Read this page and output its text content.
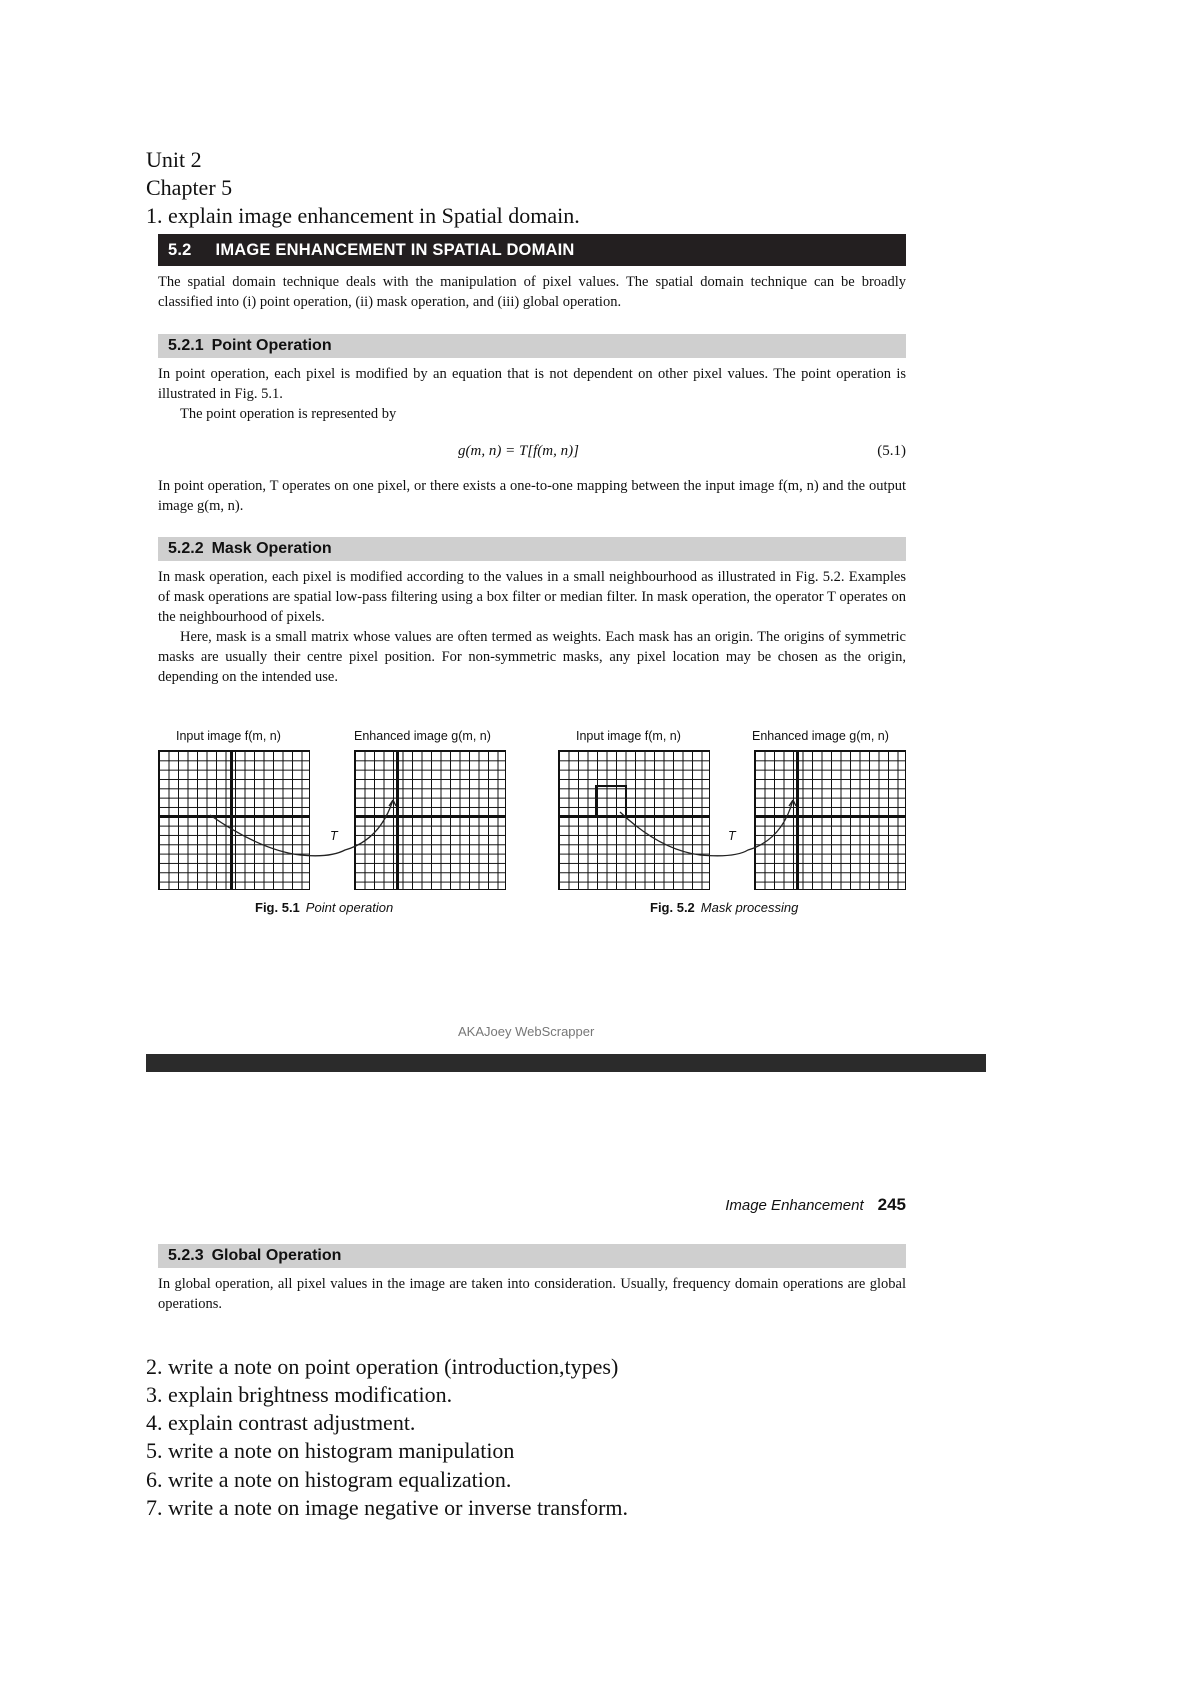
Unit 2
Chapter 5
1. explain image enhancement in Spatial domain.
5.2 IMAGE ENHANCEMENT IN SPATIAL DOMAIN
The spatial domain technique deals with the manipulation of pixel values. The spatial domain technique can be broadly classified into (i) point operation, (ii) mask operation, and (iii) global operation.
5.2.1 Point Operation
In point operation, each pixel is modified by an equation that is not dependent on other pixel values. The point operation is illustrated in Fig. 5.1.
The point operation is represented by
g(m, n) = T[f(m, n)]	(5.1)
In point operation, T operates on one pixel, or there exists a one-to-one mapping between the input image f(m, n) and the output image g(m, n).
5.2.2 Mask Operation
In mask operation, each pixel is modified according to the values in a small neighbourhood as illustrated in Fig. 5.2. Examples of mask operations are spatial low-pass filtering using a box filter or median filter. In mask operation, the operator T operates on the neighbourhood of pixels.
Here, mask is a small matrix whose values are often termed as weights. Each mask has an origin. The origins of symmetric masks are usually their centre pixel position. For non-symmetric masks, any pixel location may be chosen as the origin, depending on the intended use.
Input image f(m, n)	Enhanced image g(m, n)
T
Fig. 5.1 Point operation
Input image f(m, n)	Enhanced image g(m, n)
T
Fig. 5.2 Mask processing
AKAJoey WebScrapper
Image Enhancement 245
5.2.3 Global Operation
In global operation, all pixel values in the image are taken into consideration. Usually, frequency domain operations are global operations.
2. write a note on point operation (introduction,types)
3. explain brightness modification.
4. explain contrast adjustment.
5. write a note on histogram manipulation
6. write a note on histogram equalization.
7. write a note on image negative or inverse transform.
